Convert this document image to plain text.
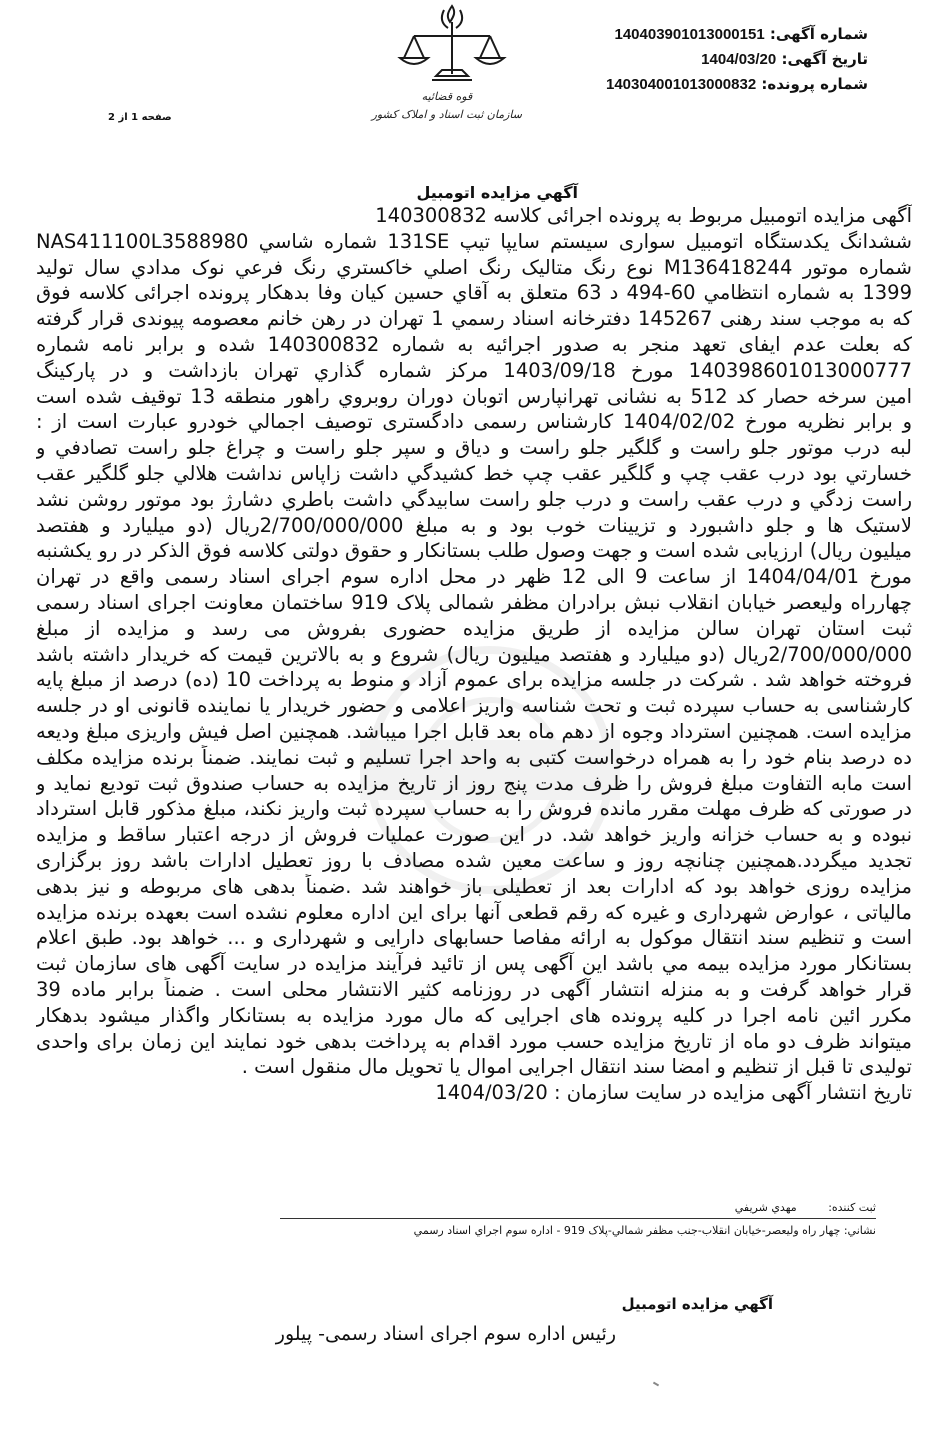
قوه قضائیه
سازمان ثبت اسناد و املاک کشور
شماره آگهی: 14040390101300015‎1
تاریخ آگهی: 1404/03/20
شماره پرونده: 14030400101300083‎2
صفحه 1 از 2
آگهي مزايده اتومبيل
آگهی مزایده اتومبیل مربوط به پرونده اجرائی کلاسه 140300832
ششدانگ یکدستگاه اتومبیل سواری سیستم سایپا تیپ 131SE شماره شاسي NAS411100L3588980
شماره موتور M136418244 نوع رنگ متاليک رنگ اصلي خاکستري رنگ فرعي نوک مدادي سال توليد
1399 به شماره انتظامي 60-494 د 63 متعلق به آقاي حسين کيان وفا بدهکار پرونده اجرائی کلاسه فوق
که به موجب سند رهنی 145267 دفترخانه اسناد رسمي 1 تهران در رهن خانم معصومه پيوندی قرار گرفته
که بعلت عدم ایفای تعهد منجر به صدور اجرائيه به شماره 140300832 شده و برابر نامه شماره
14039860101300077‎7 مورخ 1403/09/18 مرکز شماره گذاري تهران بازداشت و در پارکينگ
امين سرخه حصار کد 512 به نشانی تهرانپارس اتوبان دوران روبروي راهور منطقه 13 توقيف شده است
و برابر نظريه مورخ 1404/02/02 کارشناس رسمی دادگستری توصيف اجمالي خودرو عبارت است از :
لبه درب موتور جلو راست و گلگير جلو راست و دياق و سپر جلو راست و چراغ جلو راست تصادفي و
خسارتي بود درب عقب چپ و گلگير عقب چپ خط کشيدگي داشت زاپاس نداشت هلالي جلو گلگير عقب
راست زدگي و درب عقب راست و درب جلو راست سابيدگي داشت باطري دشارژ بود موتور روشن نشد
لاستيک ها و جلو داشبورد و تزيينات خوب بود و به مبلغ 2/700/000/000ريال (دو ميليارد و هفتصد
ميليون ريال) ارزيابی شده است و جهت وصول طلب بستانکار و حقوق دولتی کلاسه فوق الذکر در رو يکشنبه
مورخ 1404/04/01 از ساعت 9 الی 12 ظهر در محل اداره سوم اجرای اسناد رسمی واقع در تهران
چهارراه وليعصر خيابان انقلاب نبش برادران مظفر شمالی پلاک 919 ساختمان معاونت اجرای اسناد رسمی
ثبت استان تهران سالن مزايده از طريق مزايده حضوری بفروش می رسد و مزايده از مبلغ
2/700/000/000ريال (دو ميليارد و هفتصد ميليون ريال) شروع و به بالاترين قيمت که خريدار داشته باشد
فروخته خواهد شد . شرکت در جلسه مزايده برای عموم آزاد و منوط به پرداخت 10 (ده) درصد از مبلغ پايه
کارشناسی به حساب سپرده ثبت و تحت شناسه واريز اعلامی و حضور خريدار يا نماينده قانونی او در جلسه
مزايده است. همچنين استرداد وجوه از دهم ماه بعد قابل اجرا ميباشد. همچنين اصل فيش واريزی مبلغ وديعه
ده درصد بنام خود را به همراه درخواست کتبی به واحد اجرا تسليم و ثبت نمايند. ضمناً برنده مزايده مکلف
است مابه التفاوت مبلغ فروش را ظرف مدت پنج روز از تاريخ مزايده به حساب صندوق ثبت توديع نمايد و
در صورتی که ظرف مهلت مقرر مانده فروش را به حساب سپرده ثبت واريز نکند، مبلغ مذکور قابل استرداد
نبوده و به حساب خزانه واريز خواهد شد. در اين صورت عمليات فروش از درجه اعتبار ساقط و مزايده
تجديد ميگردد.همچنين چنانچه روز و ساعت معين شده مصادف با روز تعطيل ادارات باشد روز برگزاری
مزايده روزی خواهد بود که ادارات بعد از تعطيلی باز خواهند شد .ضمناً بدهی های مربوطه و نيز بدهی
مالياتی ، عوارض شهرداری و غيره که رقم قطعی آنها برای اين اداره معلوم نشده است بعهده برنده مزايده
است و تنظيم سند انتقال موکول به ارائه مفاصا حسابهای دارايی و شهرداری و ... خواهد بود. طبق اعلام
بستانکار مورد مزايده بيمه مي باشد اين آگهی پس از تائيد فرآيند مزايده در سايت آگهی های سازمان ثبت
قرار خواهد گرفت و به منزله انتشار آگهی در روزنامه کثير الانتشار محلی است . ضمناً برابر ماده 39
مکرر ائين نامه اجرا در کليه پرونده های اجرايی که مال مورد مزايده به بستانکار واگذار ميشود بدهکار
ميتواند ظرف دو ماه از تاريخ مزايده حسب مورد اقدام به پرداخت بدهی خود نمايند اين زمان برای واحدی
توليدی تا قبل از تنظيم و امضا سند انتقال اجرايی اموال يا تحويل مال منقول است .
تاريخ انتشار آگهی مزايده در سايت سازمان : 1404/03/20
ثبت کننده: مهدي شريفي
نشاني: چهار راه وليعصر-خيابان انقلاب-جنب مظفر شمالي-پلاک 919 - اداره سوم اجراي اسناد رسمي
آگهي مزايده اتومبيل
رئیس اداره سوم اجرای اسناد رسمی- پیلور
